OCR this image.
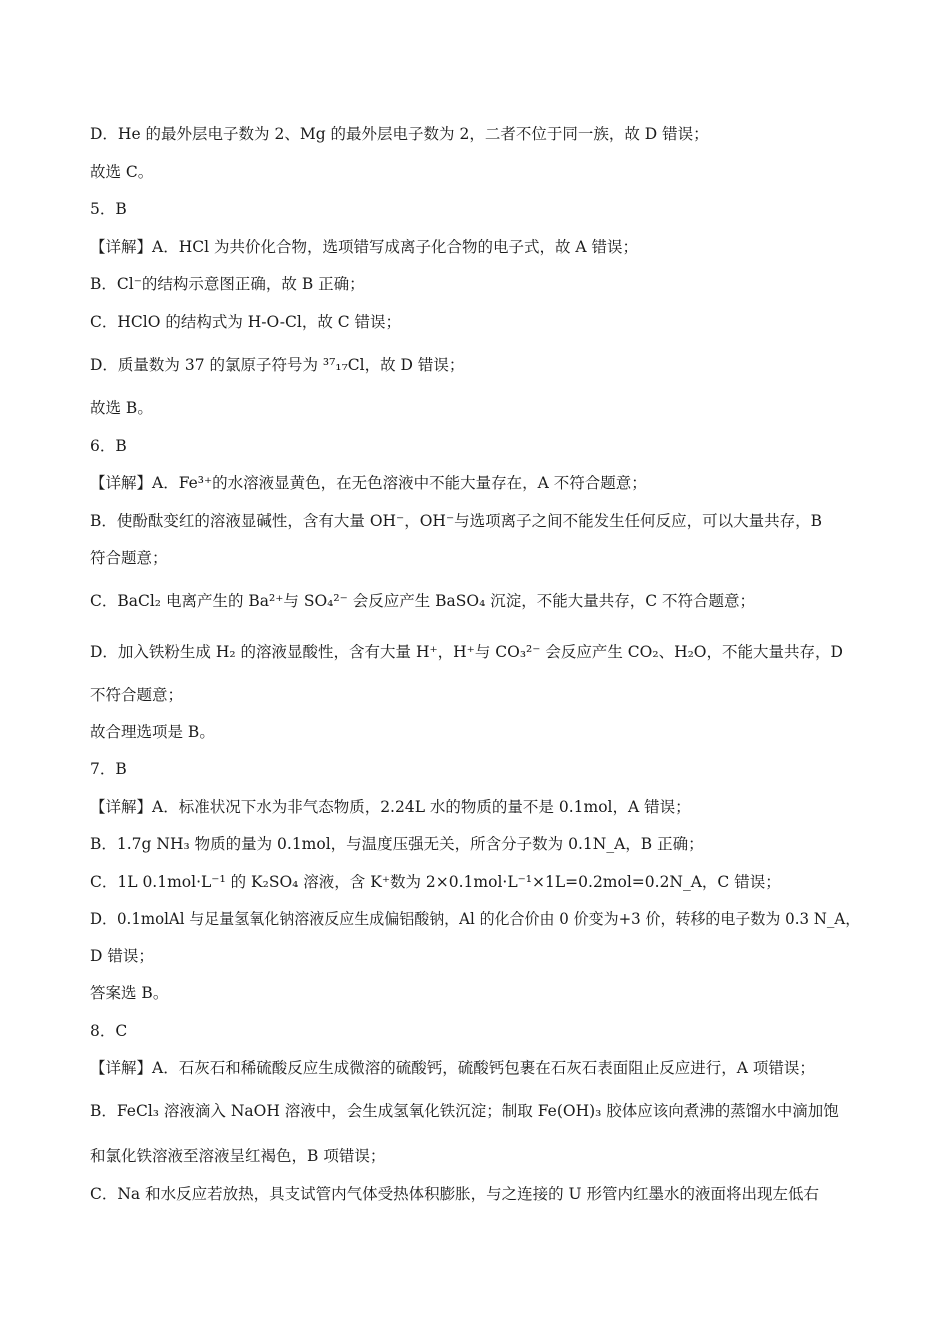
D．He 的最外层电子数为 2、Mg 的最外层电子数为 2，二者不位于同一族，故 D 错误；
故选 C。
5．B
【详解】A．HCl 为共价化合物，选项错写成离子化合物的电子式，故 A 错误；
B．Cl⁻的结构示意图正确，故 B 正确；
C．HClO 的结构式为 H-O-Cl，故 C 错误；
D．质量数为 37 的氯原子符号为 ³⁷₁₇Cl，故 D 错误；
故选 B。
6．B
【详解】A．Fe³⁺的水溶液显黄色，在无色溶液中不能大量存在，A 不符合题意；
B．使酚酞变红的溶液显碱性，含有大量 OH⁻，OH⁻与选项离子之间不能发生任何反应，可以大量共存，B
符合题意；
C．BaCl₂ 电离产生的 Ba²⁺与 SO₄²⁻ 会反应产生 BaSO₄ 沉淀，不能大量共存，C 不符合题意；
D．加入铁粉生成 H₂ 的溶液显酸性，含有大量 H⁺，H⁺与 CO₃²⁻ 会反应产生 CO₂、H₂O，不能大量共存，D
不符合题意；
故合理选项是 B。
7．B
【详解】A．标准状况下水为非气态物质，2.24L 水的物质的量不是 0.1mol，A 错误；
B．1.7g NH₃ 物质的量为 0.1mol，与温度压强无关，所含分子数为 0.1N_A，B 正确；
C．1L 0.1mol·L⁻¹ 的 K₂SO₄ 溶液，含 K⁺数为 2×0.1mol·L⁻¹×1L=0.2mol=0.2N_A，C 错误；
D．0.1molAl 与足量氢氧化钠溶液反应生成偏铝酸钠，Al 的化合价由 0 价变为+3 价，转移的电子数为 0.3 N_A，
D 错误；
答案选 B。
8．C
【详解】A．石灰石和稀硫酸反应生成微溶的硫酸钙，硫酸钙包裹在石灰石表面阻止反应进行，A 项错误；
B．FeCl₃ 溶液滴入 NaOH 溶液中，会生成氢氧化铁沉淀；制取 Fe(OH)₃ 胶体应该向煮沸的蒸馏水中滴加饱
和氯化铁溶液至溶液呈红褐色，B 项错误；
C．Na 和水反应若放热，具支试管内气体受热体积膨胀，与之连接的 U 形管内红墨水的液面将出现左低右
